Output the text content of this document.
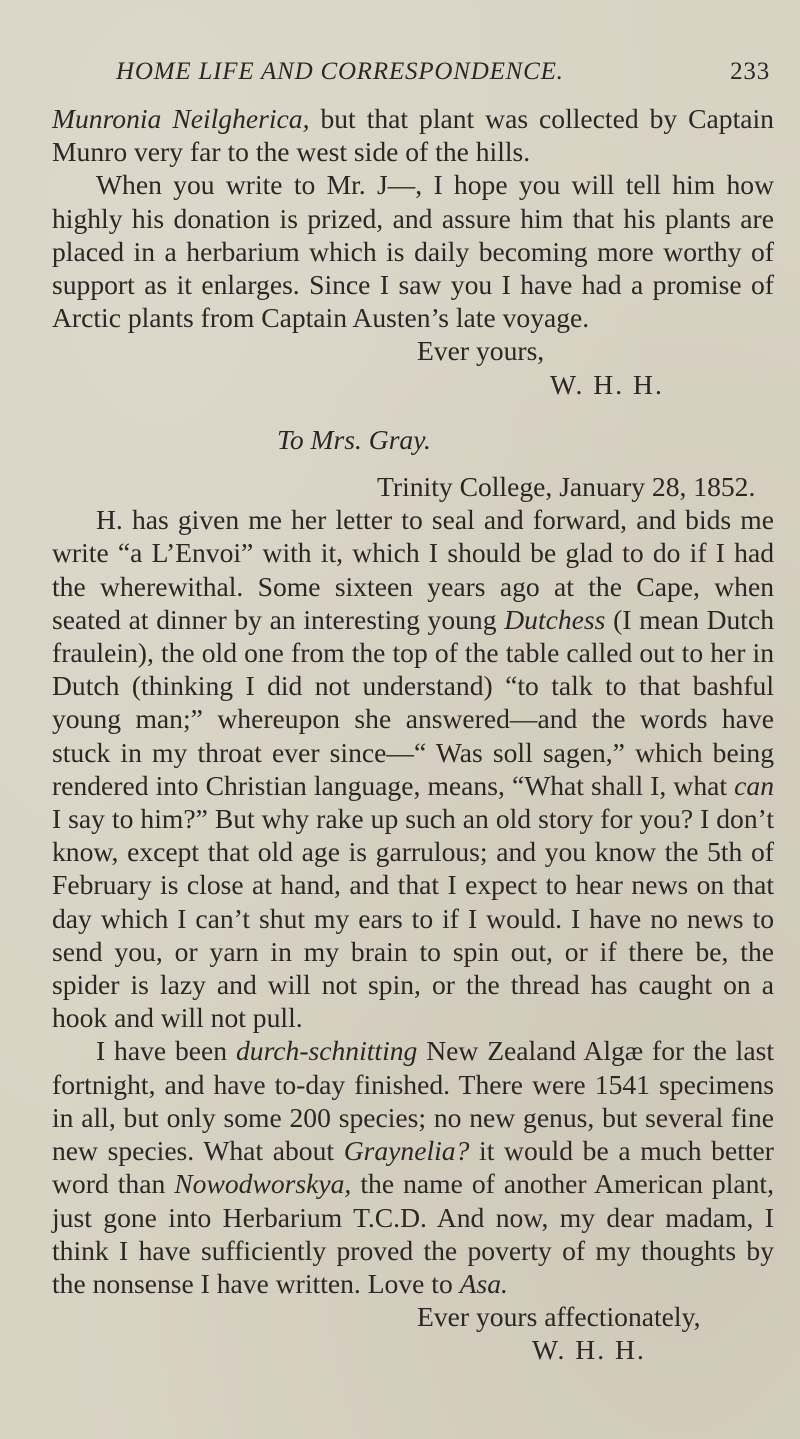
HOME LIFE AND CORRESPONDENCE.	233

Munronia Neilgherica, but that plant was collected by Captain Munro very far to the west side of the hills.

When you write to Mr. J—, I hope you will tell him how highly his donation is prized, and assure him that his plants are placed in a herbarium which is daily becoming more worthy of support as it enlarges. Since I saw you I have had a promise of Arctic plants from Captain Austen’s late voyage.

Ever yours,

W. H. H.

To Mrs. Gray.

Trinity College, January 28, 1852.

H. has given me her letter to seal and forward, and bids me write “a L’Envoi” with it, which I should be glad to do if I had the wherewithal. Some sixteen years ago at the Cape, when seated at dinner by an interesting young Dutchess (I mean Dutch fraulein), the old one from the top of the table called out to her in Dutch (thinking I did not understand) “to talk to that bashful young man;” whereupon she answered—and the words have stuck in my throat ever since—“ Was soll sagen,” which being rendered into Christian language, means, “What shall I, what can I say to him?” But why rake up such an old story for you? I don’t know, except that old age is garrulous; and you know the 5th of February is close at hand, and that I expect to hear news on that day which I can’t shut my ears to if I would. I have no news to send you, or yarn in my brain to spin out, or if there be, the spider is lazy and will not spin, or the thread has caught on a hook and will not pull.

I have been durch-schnitting New Zealand Algæ for the last fortnight, and have to-day finished. There were 1541 specimens in all, but only some 200 species; no new genus, but several fine new species. What about Graynelia? it would be a much better word than Nowodworskya, the name of another American plant, just gone into Herbarium T.C.D. And now, my dear madam, I think I have sufficiently proved the poverty of my thoughts by the nonsense I have written. Love to Asa.

Ever yours affectionately,

W. H. H.
